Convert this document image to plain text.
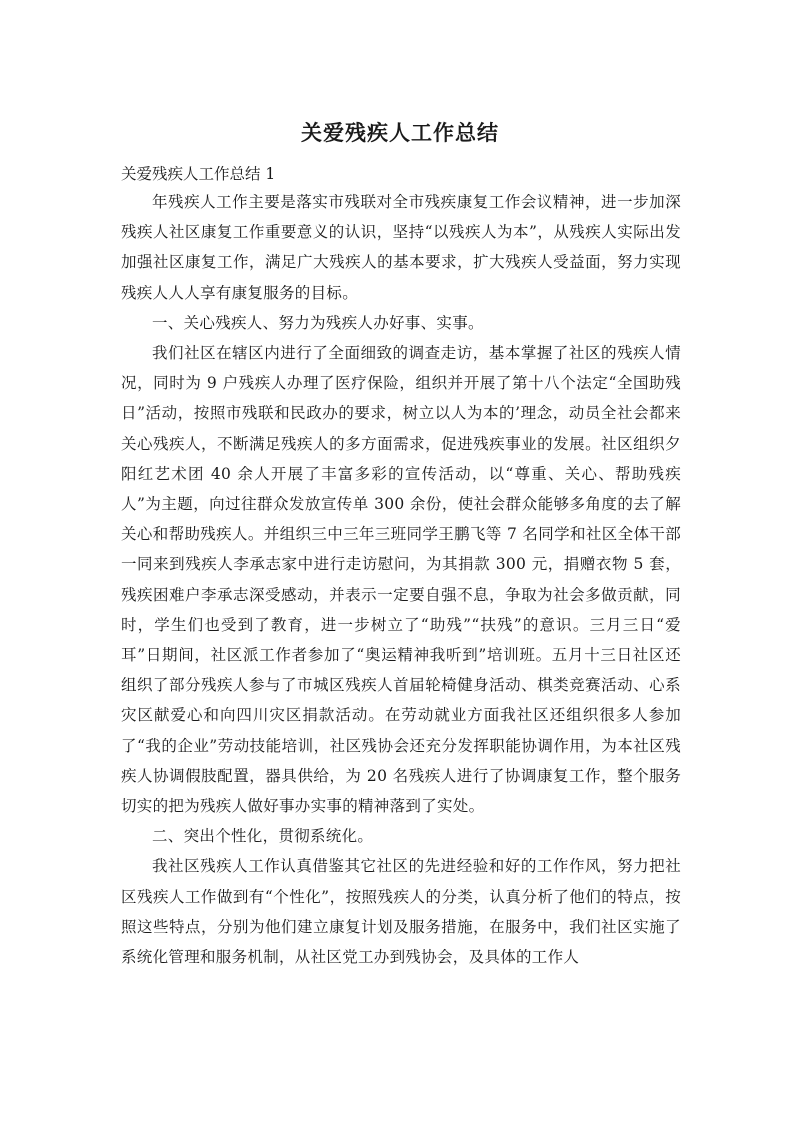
关爱残疾人工作总结
关爱残疾人工作总结 1

年残疾人工作主要是落实市残联对全市残疾康复工作会议精神，进一步加深残疾人社区康复工作重要意义的认识，坚持“以残疾人为本”，从残疾人实际出发加强社区康复工作，满足广大残疾人的基本要求，扩大残疾人受益面，努力实现残疾人人人享有康复服务的目标。

一、关心残疾人、努力为残疾人办好事、实事。

我们社区在辖区内进行了全面细致的调查走访，基本掌握了社区的残疾人情况，同时为 9 户残疾人办理了医疗保险，组织并开展了第十八个法定“全国助残日”活动，按照市残联和民政办的要求，树立以人为本的’理念，动员全社会都来关心残疾人，不断满足残疾人的多方面需求，促进残疾事业的发展。社区组织夕阳红艺术团 40 余人开展了丰富多彩的宣传活动，以“尊重、关心、帮助残疾人”为主题，向过往群众发放宣传单 300 余份，使社会群众能够多角度的去了解关心和帮助残疾人。并组织三中三年三班同学王鹏飞等 7 名同学和社区全体干部一同来到残疾人李承志家中进行走访慰问，为其捐款 300 元，捐赠衣物 5 套，残疾困难户李承志深受感动，并表示一定要自强不息，争取为社会多做贡献，同时，学生们也受到了教育，进一步树立了“助残”“扶残”的意识。三月三日“爱耳”日期间，社区派工作者参加了“奥运精神我听到”培训班。五月十三日社区还组织了部分残疾人参与了市城区残疾人首届轮椅健身活动、棋类竞赛活动、心系灾区献爱心和向四川灾区捐款活动。在劳动就业方面我社区还组织很多人参加了“我的企业”劳动技能培训，社区残协会还充分发挥职能协调作用，为本社区残疾人协调假肢配置，器具供给，为 20 名残疾人进行了协调康复工作，整个服务切实的把为残疾人做好事办实事的精神落到了实处。

二、突出个性化，贯彻系统化。

我社区残疾人工作认真借鉴其它社区的先进经验和好的工作作风，努力把社区残疾人工作做到有“个性化”，按照残疾人的分类，认真分析了他们的特点，按照这些特点，分别为他们建立康复计划及服务措施，在服务中，我们社区实施了系统化管理和服务机制，从社区党工办到残协会，及具体的工作人
